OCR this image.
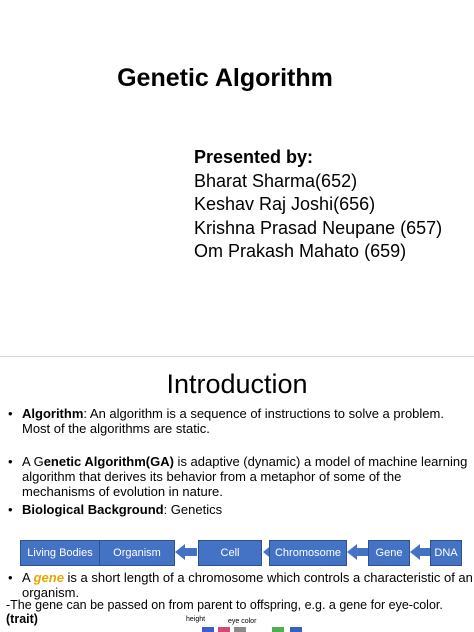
Genetic Algorithm
Presented by:
Bharat Sharma(652)
Keshav Raj Joshi(656)
Krishna Prasad Neupane (657)
Om Prakash Mahato (659)
Introduction
• Algorithm: An algorithm is a sequence of instructions to solve a problem. Most of the algorithms are static.
• A Genetic Algorithm(GA) is adaptive (dynamic) a model of machine learning algorithm that derives its behavior from a metaphor of some of the mechanisms of evolution in nature.
• Biological Background: Genetics
• A gene is a short length of a chromosome which controls a characteristic of an organism.
Living Bodies	Organism	Cell	Chromosome	Gene	DNA
-The gene can be passed on from parent to offspring, e.g. a gene for eye-color.(trait)	height	eye color
